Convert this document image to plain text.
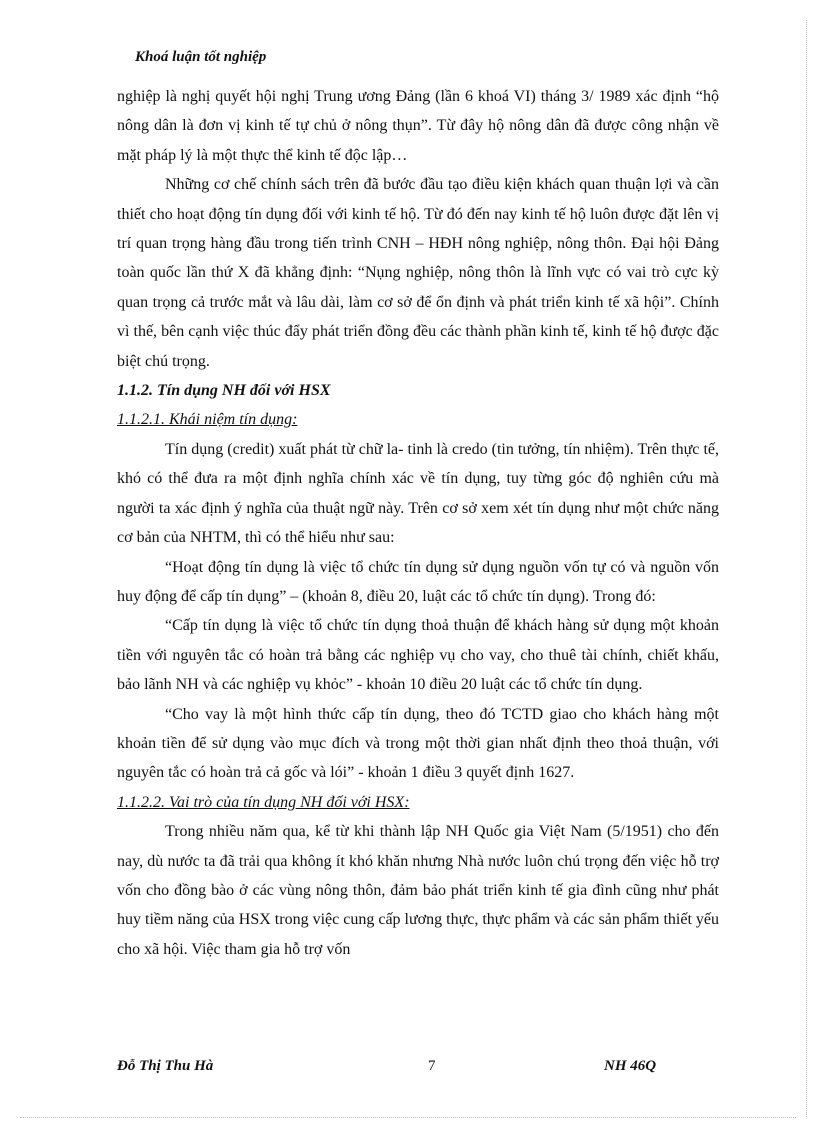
Khoá luận tốt nghiệp

nghiệp là nghị quyết hội nghị Trung ương Đảng (lần 6 khoá VI) tháng 3/ 1989 xác định “hộ nông dân là đơn vị kinh tế tự chủ ở nông thụn”. Từ đây hộ nông dân đã được công nhận về mặt pháp lý là một thực thể kinh tế độc lập…

Những cơ chế chính sách trên đã bước đầu tạo điều kiện khách quan thuận lợi và cần thiết cho hoạt động tín dụng đối với kinh tế hộ. Từ đó đến nay kinh tế hộ luôn được đặt lên vị trí quan trọng hàng đầu trong tiến trình CNH – HĐH nông nghiệp, nông thôn. Đại hội Đảng toàn quốc lần thứ X đã khẳng định: “Nụng nghiệp, nông thôn là lĩnh vực có vai trò cực kỳ quan trọng cả trước mắt và lâu dài, làm cơ sở để ổn định và phát triển kinh tế xã hội”. Chính vì thế, bên cạnh việc thúc đẩy phát triển đồng đều các thành phần kinh tế, kinh tế hộ được đặc biệt chú trọng.

1.1.2. Tín dụng NH đối với HSX

1.1.2.1. Khái niệm tín dụng:

Tín dụng (credit) xuất phát từ chữ la- tinh là credo (tin tưởng, tín nhiệm). Trên thực tế, khó có thể đưa ra một định nghĩa chính xác về tín dụng, tuy từng góc độ nghiên cứu mà người ta xác định ý nghĩa của thuật ngữ này. Trên cơ sở xem xét tín dụng như một chức năng cơ bản của NHTM, thì có thể hiểu như sau:

“Hoạt động tín dụng là việc tổ chức tín dụng sử dụng nguồn vốn tự có và nguồn vốn huy động để cấp tín dụng” – (khoản 8, điều 20, luật các tổ chức tín dụng). Trong đó:

“Cấp tín dụng là việc tổ chức tín dụng thoả thuận để khách hàng sử dụng một khoản tiền với nguyên tắc có hoàn trả bằng các nghiệp vụ cho vay, cho thuê tài chính, chiết khấu, bảo lãnh NH và các nghiệp vụ khỏc” - khoản 10 điều 20 luật các tổ chức tín dụng.

“Cho vay là một hình thức cấp tín dụng, theo đó TCTD giao cho khách hàng một khoản tiền để sử dụng vào mục đích và trong một thời gian nhất định theo thoả thuận, với nguyên tắc có hoàn trả cả gốc và lói” - khoản 1 điều 3 quyết định 1627.

1.1.2.2. Vai trò của tín dụng NH đối với HSX:

Trong nhiều năm qua, kể từ khi thành lập NH Quốc gia Việt Nam (5/1951) cho đến nay, dù nước ta đã trải qua không ít khó khăn nhưng Nhà nước luôn chú trọng đến việc hỗ trợ vốn cho đồng bào ở các vùng nông thôn, đảm bảo phát triển kinh tế gia đình cũng như phát huy tiềm năng của HSX trong việc cung cấp lương thực, thực phẩm và các sản phẩm thiết yếu cho xã hội. Việc tham gia hỗ trợ vốn

Đỗ Thị Thu Hà	7	NH 46Q
